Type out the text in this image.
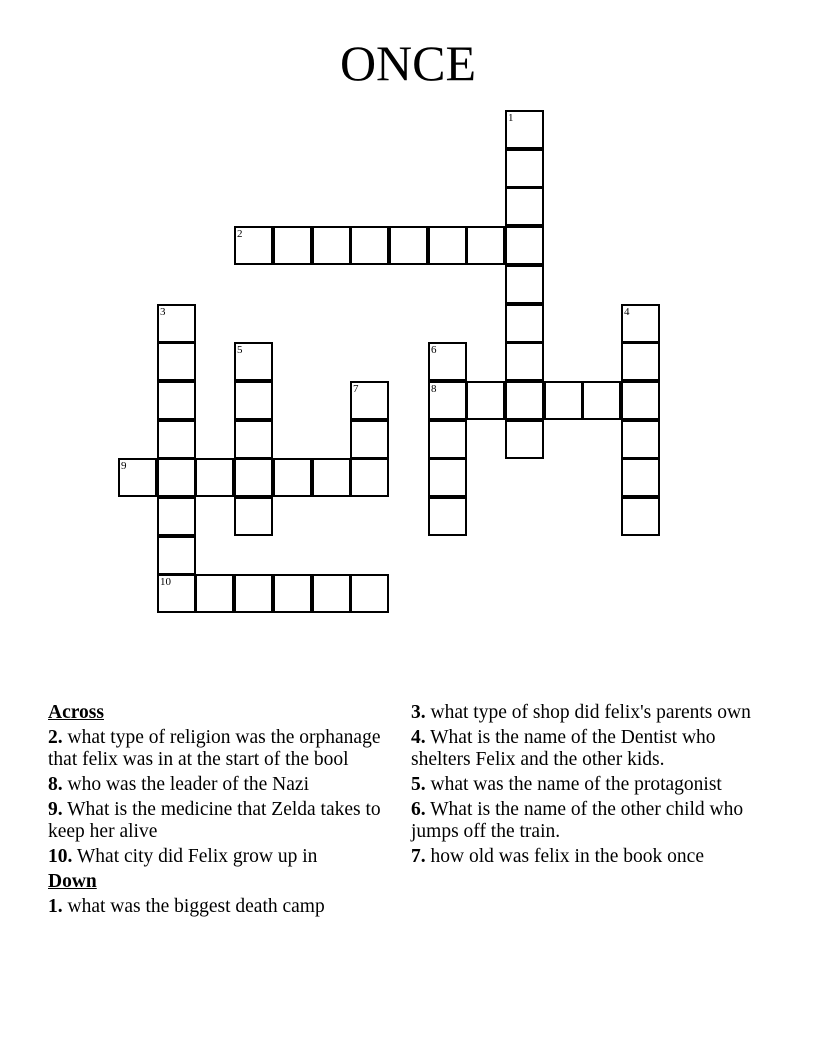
ONCE
1
2
3	4
5	6
7	8
9
10
Across
2. what type of religion was the orphanage that felix was in at the start of the bool
8. who was the leader of the Nazi
9. What is the medicine that Zelda takes to keep her alive
10. What city did Felix grow up in
Down
1. what was the biggest death camp
3. what type of shop did felix's parents own
4. What is the name of the Dentist who shelters Felix and the other kids.
5. what was the name of the protagonist
6. What is the name of the other child who jumps off the train.
7. how old was felix in the book once
